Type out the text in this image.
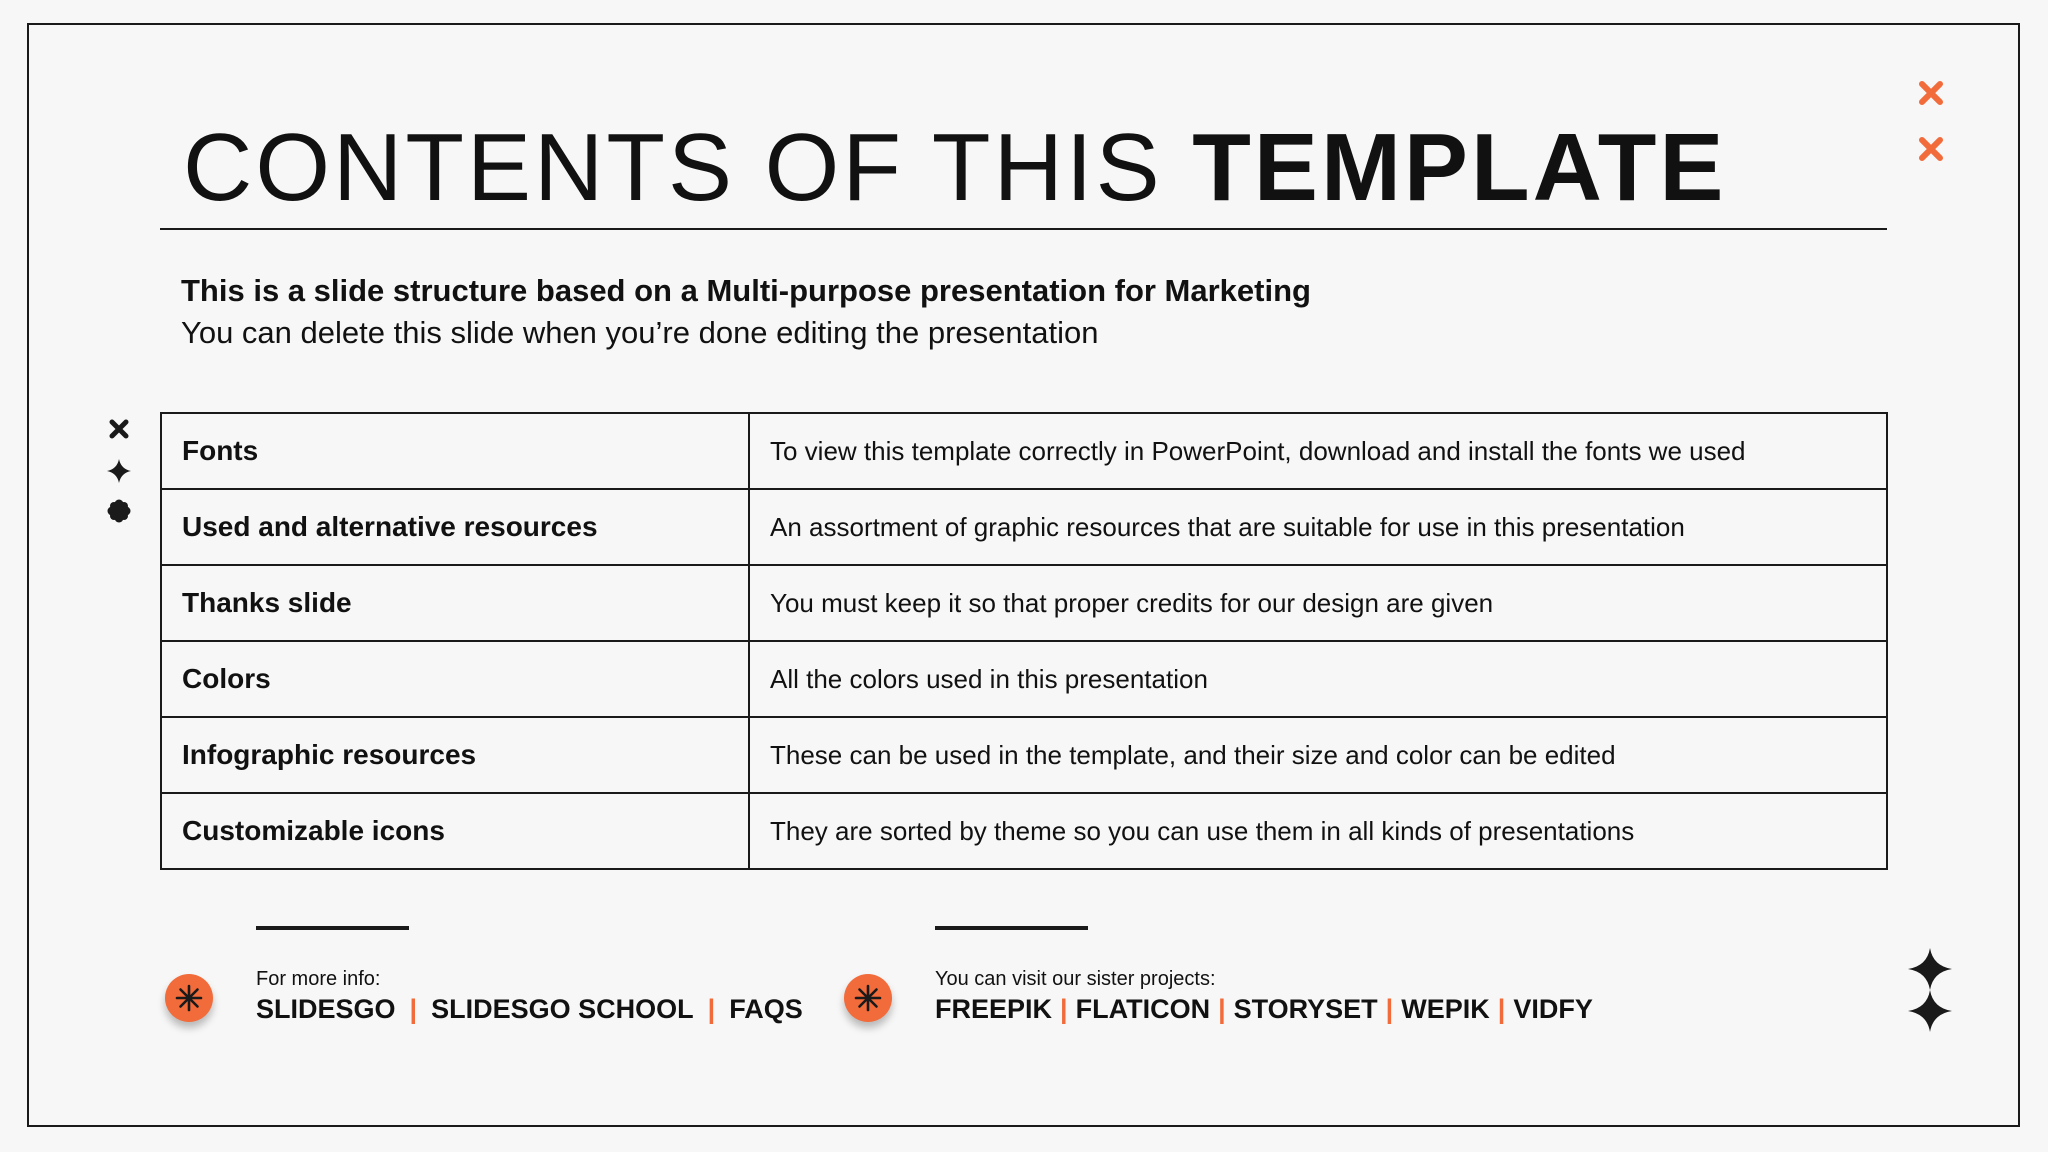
CONTENTS OF THIS TEMPLATE

This is a slide structure based on a Multi-purpose presentation for Marketing
You can delete this slide when you’re done editing the presentation

Fonts	To view this template correctly in PowerPoint, download and install the fonts we used
Used and alternative resources	An assortment of graphic resources that are suitable for use in this presentation
Thanks slide	You must keep it so that proper credits for our design are given
Colors	All the colors used in this presentation
Infographic resources	These can be used in the template, and their size and color can be edited
Customizable icons	They are sorted by theme so you can use them in all kinds of presentations
For more info:
SLIDESGO | SLIDESGO SCHOOL | FAQS
You can visit our sister projects:
FREEPIK | FLATICON | STORYSET | WEPIK | VIDFY
